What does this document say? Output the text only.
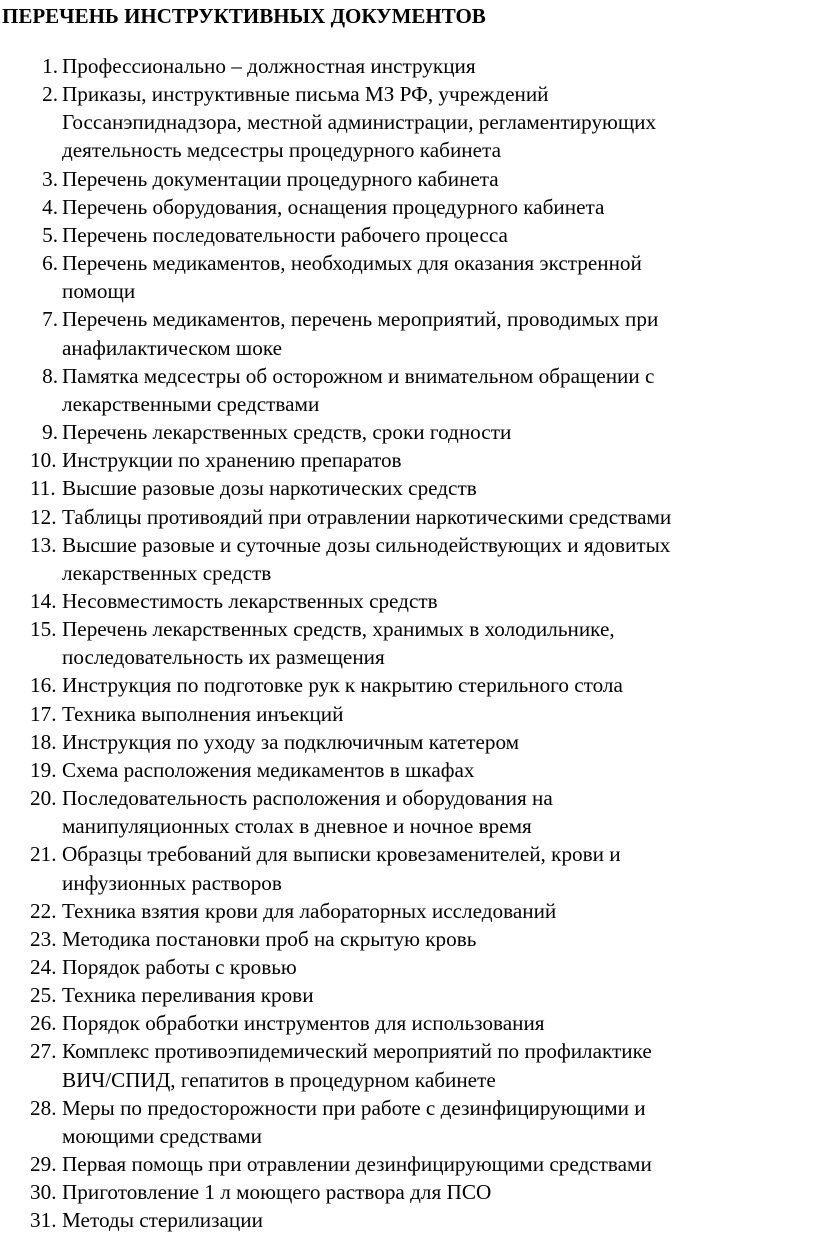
ПЕРЕЧЕНЬ ИНСТРУКТИВНЫХ ДОКУМЕНТОВ
1. Профессионально – должностная инструкция
2. Приказы, инструктивные письма МЗ РФ, учреждений
Госсанэпиднадзора, местной администрации, регламентирующих
деятельность медсестры процедурного кабинета
3. Перечень документации процедурного кабинета
4. Перечень оборудования, оснащения процедурного кабинета
5. Перечень последовательности рабочего процесса
6. Перечень медикаментов, необходимых для оказания экстренной
помощи
7. Перечень медикаментов, перечень мероприятий, проводимых при
анафилактическом шоке
8. Памятка медсестры об осторожном и внимательном обращении с
лекарственными средствами
9. Перечень лекарственных средств, сроки годности
10. Инструкции по хранению препаратов
11. Высшие разовые дозы наркотических средств
12. Таблицы противоядий при отравлении наркотическими средствами
13. Высшие разовые и суточные дозы сильнодействующих и ядовитых
лекарственных средств
14. Несовместимость лекарственных средств
15. Перечень лекарственных средств, хранимых в холодильнике,
последовательность их размещения
16. Инструкция по подготовке рук к накрытию стерильного стола
17. Техника выполнения инъекций
18. Инструкция по уходу за подключичным катетером
19. Схема расположения медикаментов в шкафах
20. Последовательность расположения и оборудования на
манипуляционных столах в дневное и ночное время
21. Образцы требований для выписки кровезаменителей, крови и
инфузионных растворов
22. Техника взятия крови для лабораторных исследований
23. Методика постановки проб на скрытую кровь
24. Порядок работы с кровью
25. Техника переливания крови
26. Порядок обработки инструментов для использования
27. Комплекс противоэпидемический мероприятий по профилактике
ВИЧ/СПИД, гепатитов в процедурном кабинете
28. Меры по предосторожности при работе с дезинфицирующими и
моющими средствами
29. Первая помощь при отравлении дезинфицирующими средствами
30. Приготовление 1 л моющего раствора для ПСО
31. Методы стерилизации
